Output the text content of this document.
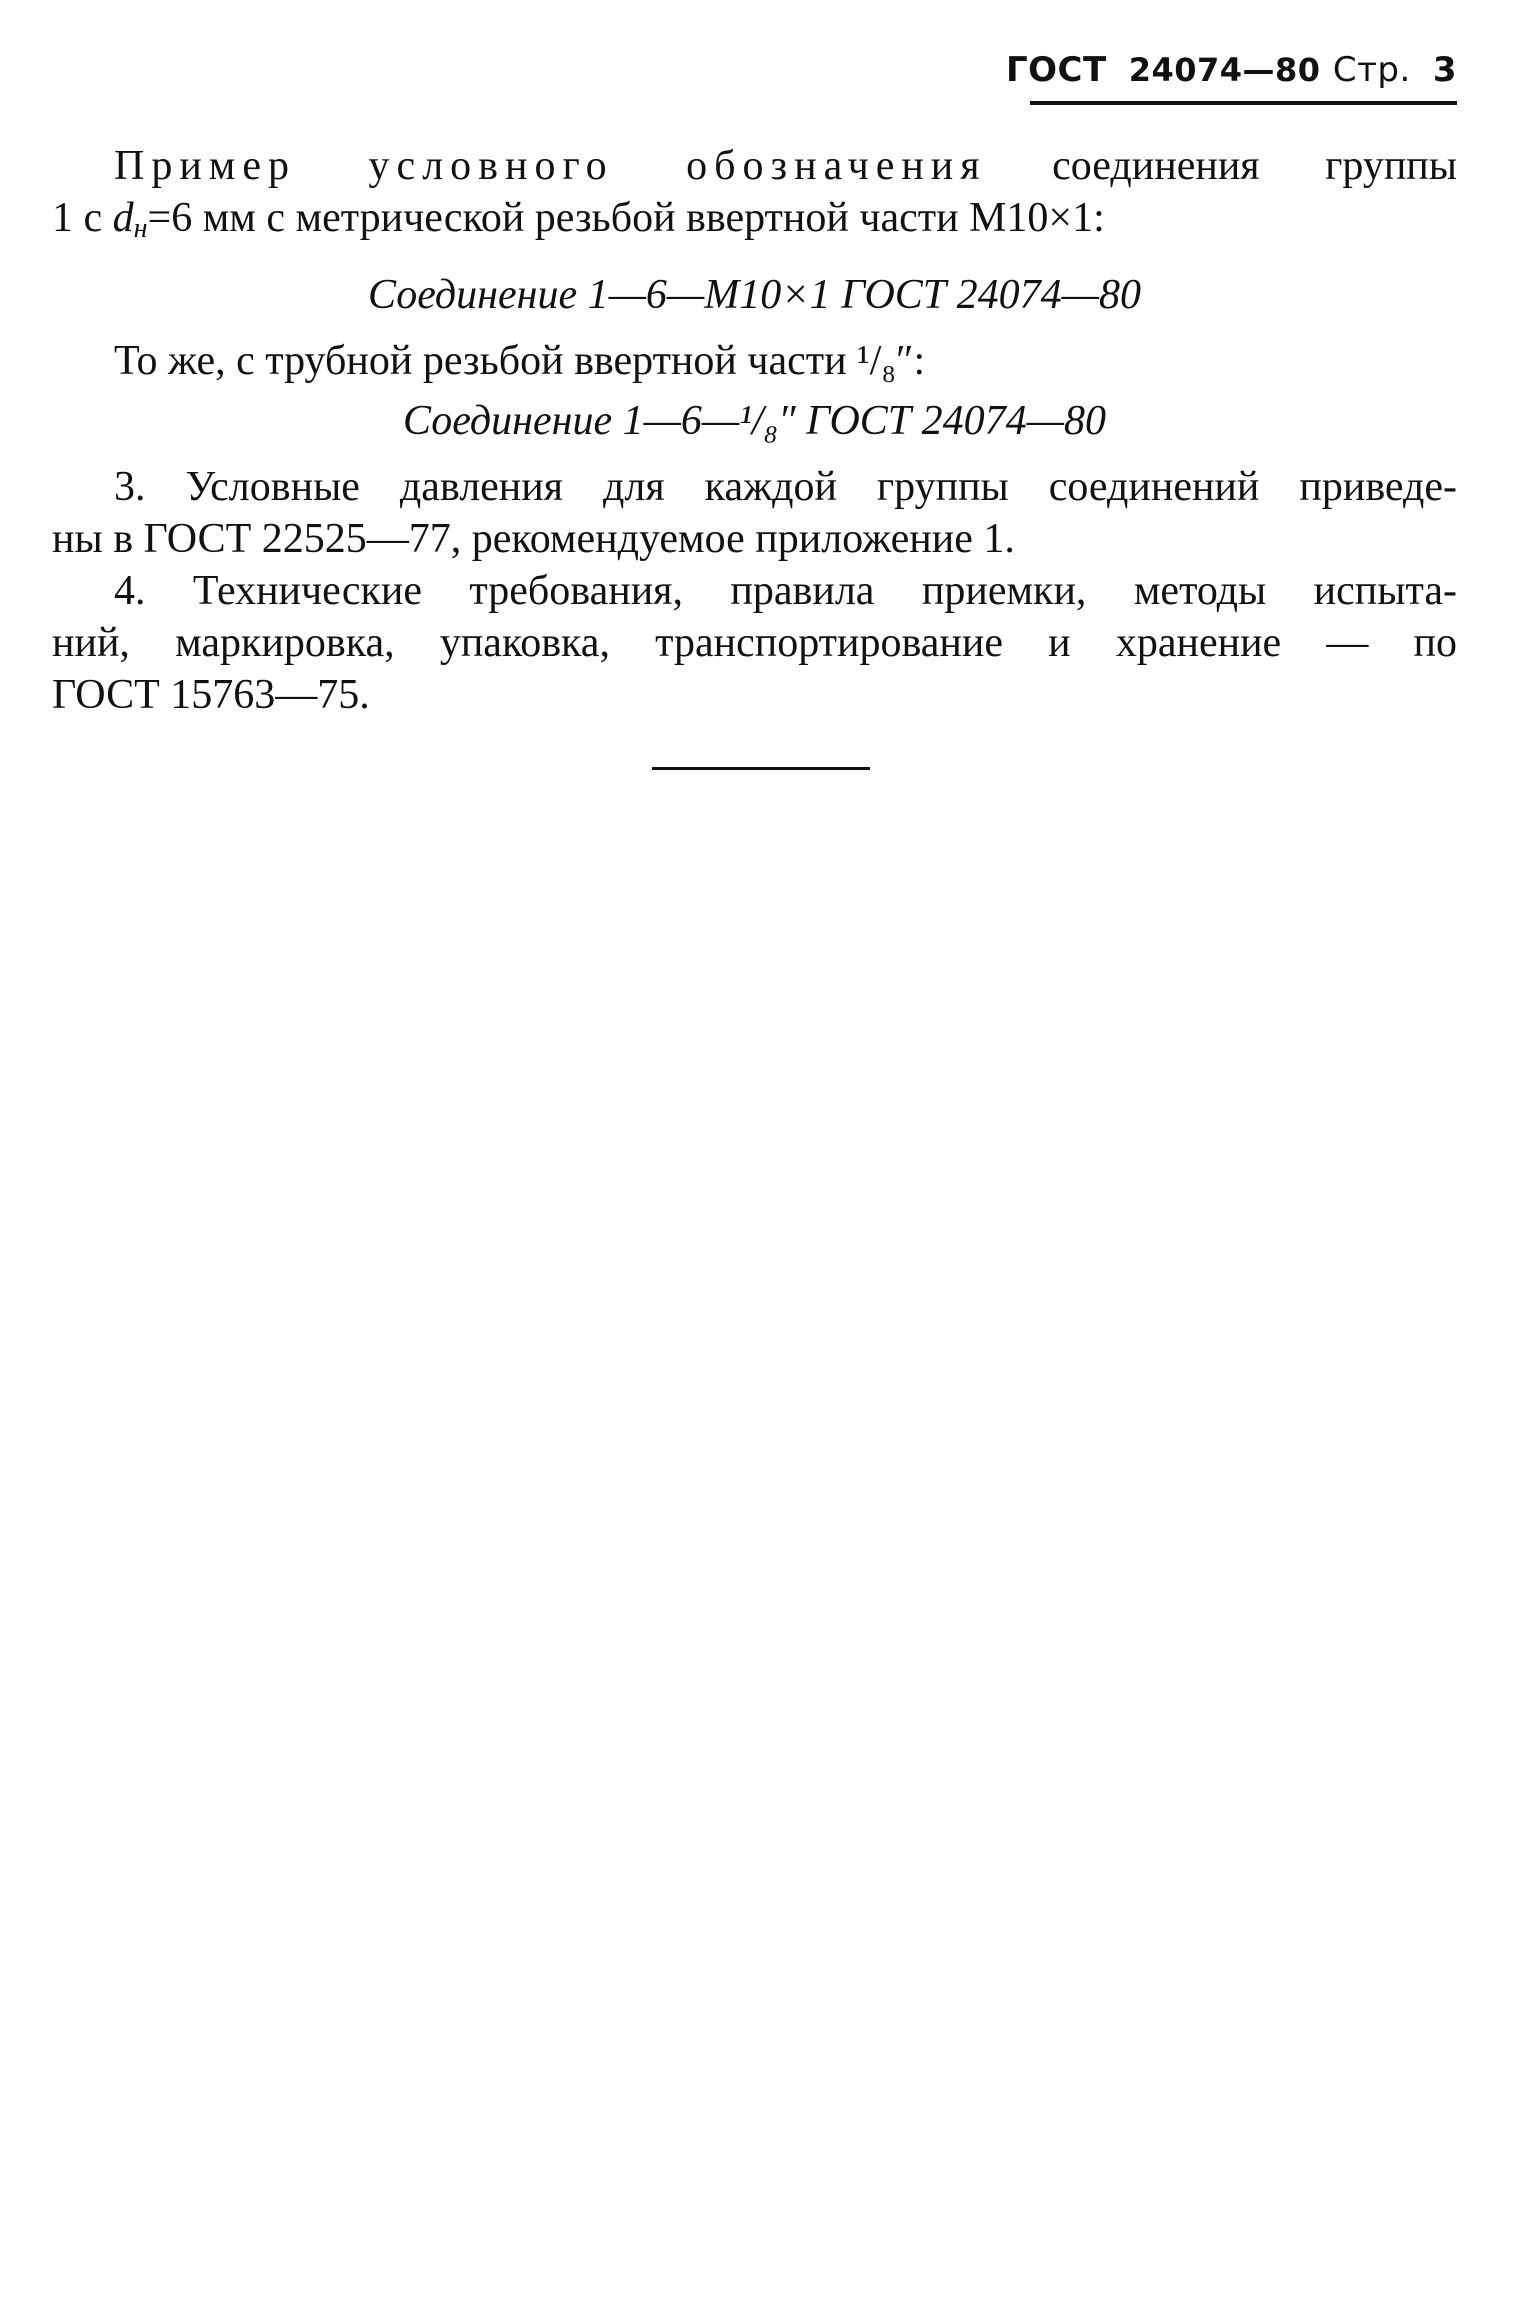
ГОСТ 24074—80 Стр. 3
Пример условного обозначения соединения группы
1 с $d_н=6$ мм с метрической резьбой ввертной части М10×1:
Соединение 1—6—М10×1 ГОСТ 24074—80
То же, с трубной резьбой ввертной части ¹/₈″:
Соединение 1—6—¹/₈″ ГОСТ 24074—80
3. Условные давления для каждой группы соединений приведе-
ны в ГОСТ 22525—77, рекомендуемое приложение 1.
4. Технические требования, правила приемки, методы испыта-
ний, маркировка, упаковка, транспортирование и хранение — по
ГОСТ 15763—75.
